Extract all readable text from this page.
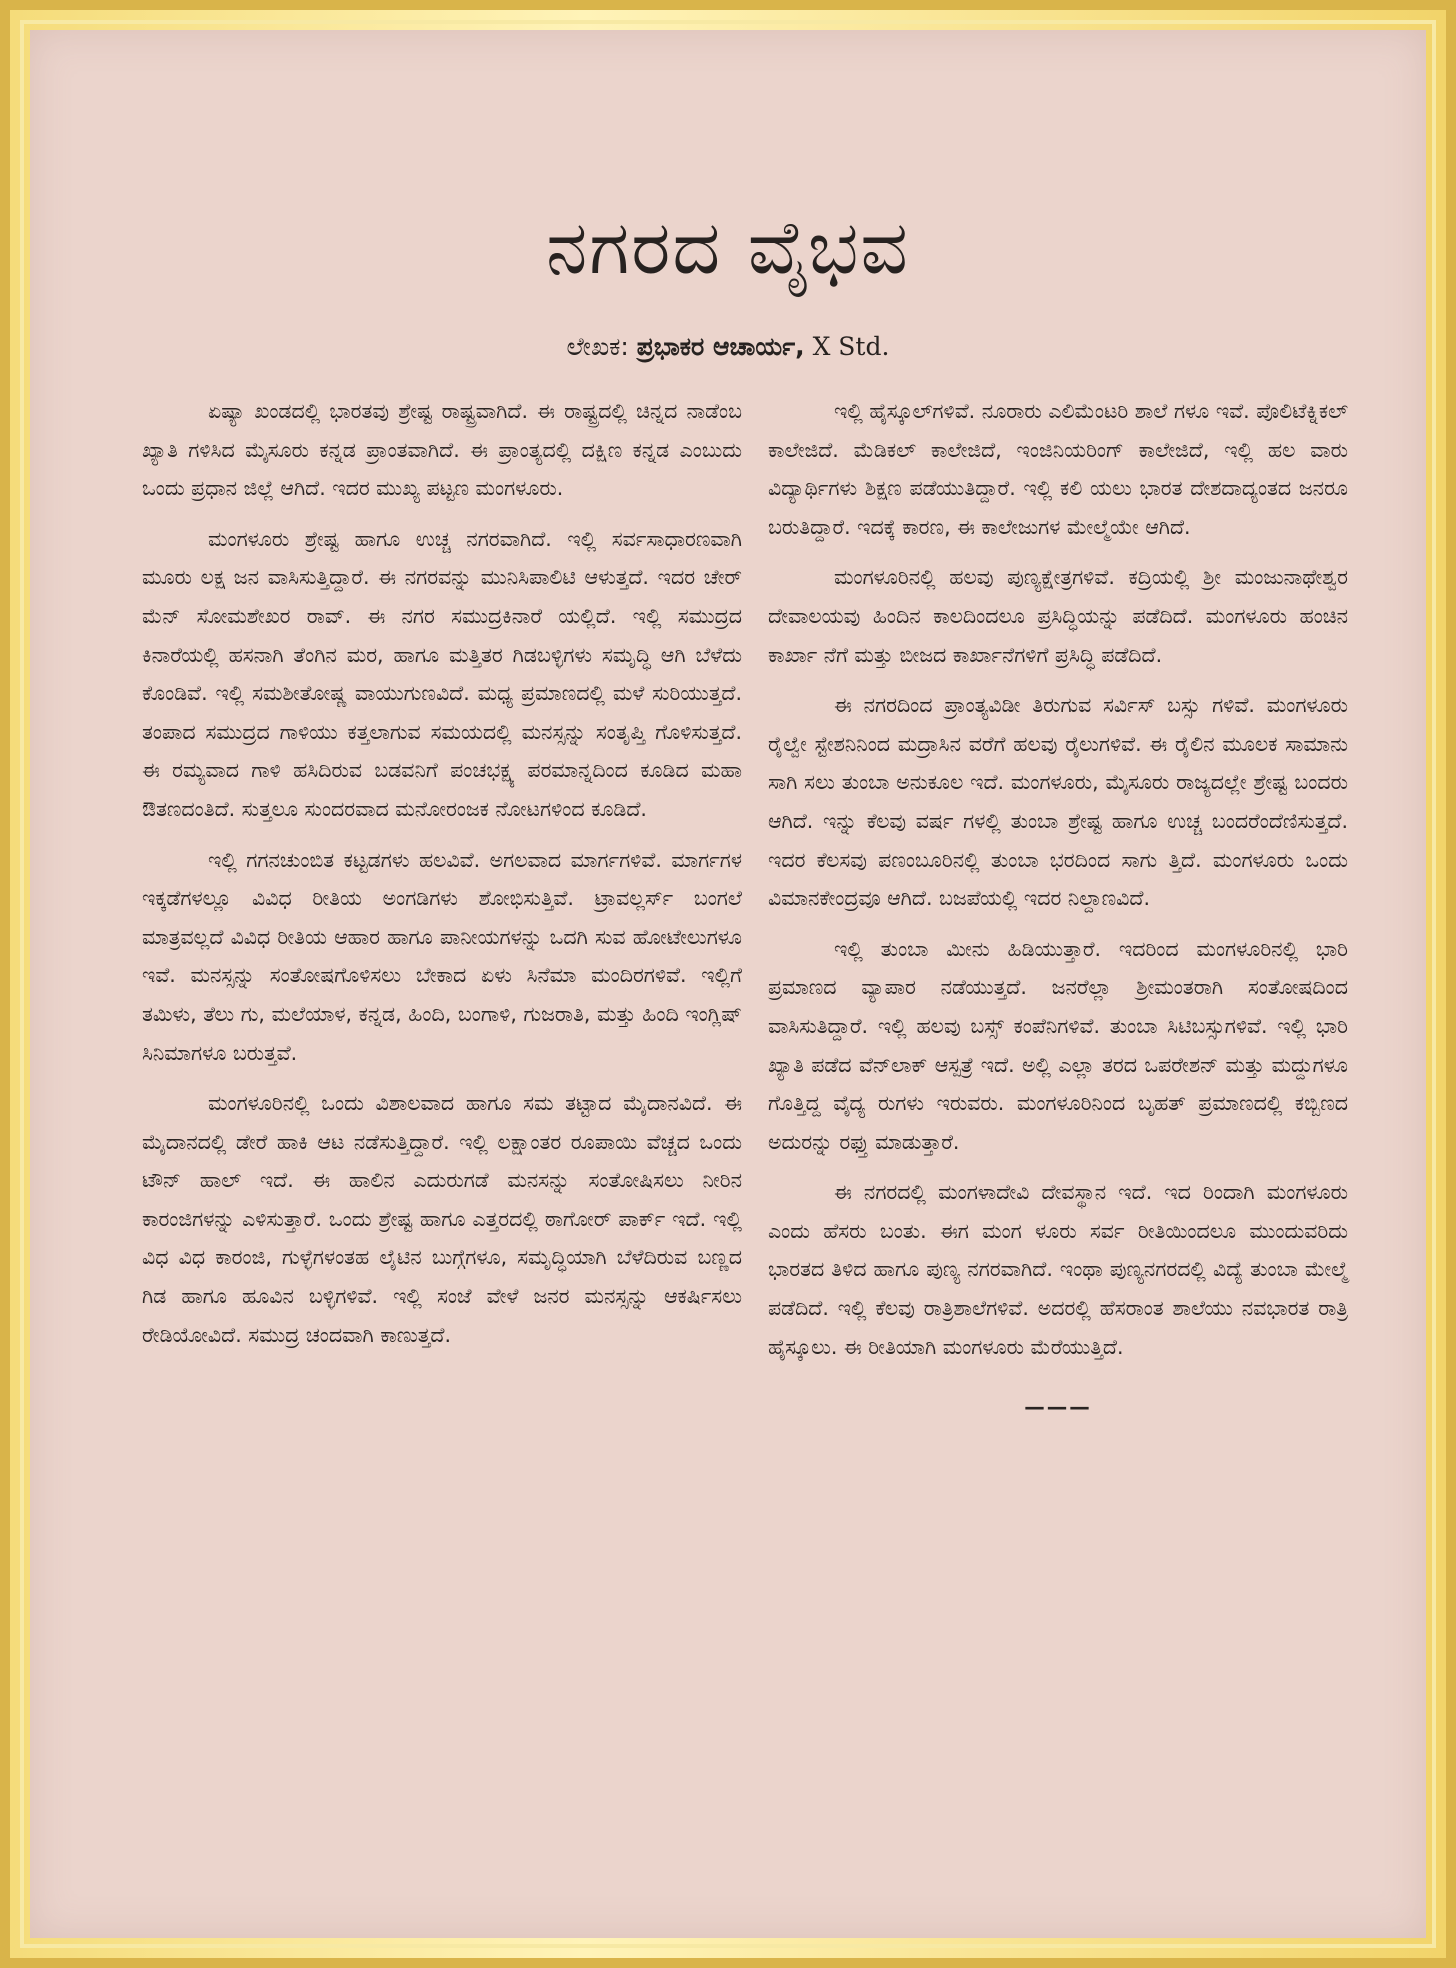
ನಗರದ ವೈಭವ
ಲೇಖಕ: ಪ್ರಭಾಕರ ಆಚಾರ್ಯ, X Std.

ಏಷ್ಯಾ ಖಂಡದಲ್ಲಿ ಭಾರತವು ಶ್ರೇಷ್ಟ ರಾಷ್ಟ್ರವಾಗಿದೆ. ಈ ರಾಷ್ಟ್ರದಲ್ಲಿ ಚಿನ್ನದ ನಾಡೆಂಬ ಖ್ಯಾತಿ ಗಳಿಸಿದ ಮೈಸೂರು ಕನ್ನಡ ಪ್ರಾಂತವಾಗಿದೆ. ಈ ಪ್ರಾಂತ್ಯದಲ್ಲಿ ದಕ್ಷಿಣ ಕನ್ನಡ ಎಂಬುದು ಒಂದು ಪ್ರಧಾನ ಜಿಲ್ಲೆ ಆಗಿದೆ. ಇದರ ಮುಖ್ಯ ಪಟ್ಟಣ ಮಂಗಳೂರು.

ಮಂಗಳೂರು ಶ್ರೇಷ್ಟ ಹಾಗೂ ಉಚ್ಚ ನಗರವಾಗಿದೆ. ಇಲ್ಲಿ ಸರ್ವಸಾಧಾರಣವಾಗಿ ಮೂರು ಲಕ್ಷ ಜನ ವಾಸಿಸುತ್ತಿದ್ದಾರೆ. ಈ ನಗರವನ್ನು ಮುನಿಸಿಪಾಲಿಟಿ ಆಳುತ್ತದೆ. ಇದರ ಚೇರ್ ಮೆನ್ ಸೋಮಶೇಖರ ರಾವ್. ಈ ನಗರ ಸಮುದ್ರಕಿನಾರೆ ಯಲ್ಲಿದೆ. ಇಲ್ಲಿ ಸಮುದ್ರದ ಕಿನಾರೆಯಲ್ಲಿ ಹಸನಾಗಿ ತೆಂಗಿನ ಮರ, ಹಾಗೂ ಮತ್ತಿತರ ಗಿಡಬಳ್ಳಿಗಳು ಸಮೃದ್ಧಿ ಆಗಿ ಬೆಳೆದು ಕೊಂಡಿವೆ. ಇಲ್ಲಿ ಸಮಶೀತೋಷ್ಣ ವಾಯುಗುಣವಿದೆ. ಮಧ್ಯ ಪ್ರಮಾಣದಲ್ಲಿ ಮಳೆ ಸುರಿಯುತ್ತದೆ. ತಂಪಾದ ಸಮುದ್ರದ ಗಾಳಿಯು ಕತ್ತಲಾಗುವ ಸಮಯದಲ್ಲಿ ಮನಸ್ಸನ್ನು ಸಂತೃಪ್ತಿ ಗೊಳಿಸುತ್ತದೆ. ಈ ರಮ್ಯವಾದ ಗಾಳಿ ಹಸಿದಿರುವ ಬಡವನಿಗೆ ಪಂಚಭಕ್ಷ್ಯ ಪರಮಾನ್ನದಿಂದ ಕೂಡಿದ ಮಹಾ ಔತಣದಂತಿದೆ. ಸುತ್ತಲೂ ಸುಂದರವಾದ ಮನೋರಂಜಕ ನೋಟಗಳಿಂದ ಕೂಡಿದೆ.

ಇಲ್ಲಿ ಗಗನಚುಂಬಿತ ಕಟ್ಟಡಗಳು ಹಲವಿವೆ. ಅಗಲವಾದ ಮಾರ್ಗಗಳಿವೆ. ಮಾರ್ಗಗಳ ಇಕ್ಕಡೆಗಳಲ್ಲೂ ವಿವಿಧ ರೀತಿಯ ಅಂಗಡಿಗಳು ಶೋಭಿಸುತ್ತಿವೆ. ಟ್ರಾವಲ್ಲರ್ಸ್ ಬಂಗಲೆ ಮಾತ್ರವಲ್ಲದೆ ವಿವಿಧ ರೀತಿಯ ಆಹಾರ ಹಾಗೂ ಪಾನೀಯಗಳನ್ನು ಒದಗಿ ಸುವ ಹೋಟೇಲುಗಳೂ ಇವೆ. ಮನಸ್ಸನ್ನು ಸಂತೋಷಗೊಳಿಸಲು ಬೇಕಾದ ಏಳು ಸಿನೆಮಾ ಮಂದಿರಗಳಿವೆ. ಇಲ್ಲಿಗೆ ತಮಿಳು, ತೆಲು ಗು, ಮಲೆಯಾಳ, ಕನ್ನಡ, ಹಿಂದಿ, ಬಂಗಾಳಿ, ಗುಜರಾತಿ, ಮತ್ತು ಹಿಂದಿ ಇಂಗ್ಲಿಷ್ ಸಿನಿಮಾಗಳೂ ಬರುತ್ತವೆ.

ಮಂಗಳೂರಿನಲ್ಲಿ ಒಂದು ವಿಶಾಲವಾದ ಹಾಗೂ ಸಮ ತಟ್ಟಾದ ಮೈದಾನವಿದೆ. ಈ ಮೈದಾನದಲ್ಲಿ ಡೇರೆ ಹಾಕಿ ಆಟ ನಡೆಸುತ್ತಿದ್ದಾರೆ. ಇಲ್ಲಿ ಲಕ್ಷಾಂತರ ರೂಪಾಯಿ ವೆಚ್ಚದ ಒಂದು ಟೌನ್ ಹಾಲ್ ಇದೆ. ಈ ಹಾಲಿನ ಎದುರುಗಡೆ ಮನಸನ್ನು ಸಂತೋಷಿಸಲು ನೀರಿನ ಕಾರಂಜಿಗಳನ್ನು ಎಳಿಸುತ್ತಾರೆ. ಒಂದು ಶ್ರೇಷ್ಟ ಹಾಗೂ ಎತ್ತರದಲ್ಲಿ ಠಾಗೋರ್ ಪಾರ್ಕ್ ಇದೆ. ಇಲ್ಲಿ ವಿಧ ವಿಧ ಕಾರಂಜಿ, ಗುಳ್ಳೆಗಳಂತಹ ಲೈಟಿನ ಬುಗ್ಗೆಗಳೂ, ಸಮೃದ್ಧಿಯಾಗಿ ಬೆಳೆದಿರುವ ಬಣ್ಣದ ಗಿಡ ಹಾಗೂ ಹೂವಿನ ಬಳ್ಳಿಗಳಿವೆ. ಇಲ್ಲಿ ಸಂಜೆ ವೇಳೆ ಜನರ ಮನಸ್ಸನ್ನು ಆಕರ್ಷಿಸಲು ರೇಡಿಯೋವಿದೆ. ಸಮುದ್ರ ಚಂದವಾಗಿ ಕಾಣುತ್ತದೆ.

ಇಲ್ಲಿ ಹೈಸ್ಕೂಲ್‌ಗಳಿವೆ. ನೂರಾರು ಎಲಿಮೆಂಟರಿ ಶಾಲೆ ಗಳೂ ಇವೆ. ಪೊಲಿಟೆಕ್ನಿಕಲ್ ಕಾಲೇಜಿದೆ. ಮೆಡಿಕಲ್ ಕಾಲೇಜಿದೆ, ಇಂಜಿನಿಯರಿಂಗ್ ಕಾಲೇಜಿದೆ, ಇಲ್ಲಿ ಹಲ ವಾರು ವಿದ್ಯಾರ್ಥಿಗಳು ಶಿಕ್ಷಣ ಪಡೆಯುತಿದ್ದಾರೆ. ಇಲ್ಲಿ ಕಲಿ ಯಲು ಭಾರತ ದೇಶದಾದ್ಯಂತದ ಜನರೂ ಬರುತಿದ್ದಾರೆ. ಇದಕ್ಕೆ ಕಾರಣ, ಈ ಕಾಲೇಜುಗಳ ಮೇಲ್ಮೆಯೇ ಆಗಿದೆ.

ಮಂಗಳೂರಿನಲ್ಲಿ ಹಲವು ಪುಣ್ಯಕ್ಷೇತ್ರಗಳಿವೆ. ಕದ್ರಿಯಲ್ಲಿ ಶ್ರೀ ಮಂಜುನಾಥೇಶ್ವರ ದೇವಾಲಯವು ಹಿಂದಿನ ಕಾಲದಿಂದಲೂ ಪ್ರಸಿದ್ಧಿಯನ್ನು ಪಡೆದಿದೆ. ಮಂಗಳೂರು ಹಂಚಿನ ಕಾರ್ಖಾ ನೆಗೆ ಮತ್ತು ಬೀಜದ ಕಾರ್ಖಾನೆಗಳಿಗೆ ಪ್ರಸಿದ್ಧಿ ಪಡೆದಿದೆ.

ಈ ನಗರದಿಂದ ಪ್ರಾಂತ್ಯವಿಡೀ ತಿರುಗುವ ಸರ್ವಿಸ್ ಬಸ್ಸು ಗಳಿವೆ. ಮಂಗಳೂರು ರೈಲ್ವೇ ಸ್ಟೇಶನಿನಿಂದ ಮದ್ರಾಸಿನ ವರೆಗೆ ಹಲವು ರೈಲುಗಳಿವೆ. ಈ ರೈಲಿನ ಮೂಲಕ ಸಾಮಾನು ಸಾಗಿ ಸಲು ತುಂಬಾ ಅನುಕೂಲ ಇದೆ. ಮಂಗಳೂರು, ಮೈಸೂರು ರಾಜ್ಯದಲ್ಲೇ ಶ್ರೇಷ್ಟ ಬಂದರು ಆಗಿದೆ. ಇನ್ನು ಕೆಲವು ವರ್ಷ ಗಳಲ್ಲಿ ತುಂಬಾ ಶ್ರೇಷ್ಟ ಹಾಗೂ ಉಚ್ಚ ಬಂದರೆಂದೆಣಿಸುತ್ತದೆ. ಇದರ ಕೆಲಸವು ಪಣಂಬೂರಿನಲ್ಲಿ ತುಂಬಾ ಭರದಿಂದ ಸಾಗು ತ್ತಿದೆ. ಮಂಗಳೂರು ಒಂದು ವಿಮಾನಕೇಂದ್ರವೂ ಆಗಿದೆ. ಬಜಪೆಯಲ್ಲಿ ಇದರ ನಿಲ್ದಾಣವಿದೆ.

ಇಲ್ಲಿ ತುಂಬಾ ಮೀನು ಹಿಡಿಯುತ್ತಾರೆ. ಇದರಿಂದ ಮಂಗಳೂರಿನಲ್ಲಿ ಭಾರಿ ಪ್ರಮಾಣದ ವ್ಯಾಪಾರ ನಡೆಯುತ್ತದೆ. ಜನರೆಲ್ಲಾ ಶ್ರೀಮಂತರಾಗಿ ಸಂತೋಷದಿಂದ ವಾಸಿಸುತಿದ್ದಾರೆ. ಇಲ್ಲಿ ಹಲವು ಬಸ್ಸ್ ಕಂಪೆನಿಗಳಿವೆ. ತುಂಬಾ ಸಿಟಿಬಸ್ಸುಗಳಿವೆ. ಇಲ್ಲಿ ಭಾರಿ ಖ್ಯಾತಿ ಪಡೆದ ವೆನ್‌ಲಾಕ್ ಆಸ್ಪತ್ರೆ ಇದೆ. ಅಲ್ಲಿ ಎಲ್ಲಾ ತರದ ಒಪರೇಶನ್ ಮತ್ತು ಮದ್ದುಗಳೂ ಗೊತ್ತಿದ್ದ ವೈದ್ಯ ರುಗಳು ಇರುವರು. ಮಂಗಳೂರಿನಿಂದ ಬೃಹತ್ ಪ್ರಮಾಣದಲ್ಲಿ ಕಬ್ಬಿಣದ ಅದುರನ್ನು ರಫ್ತು ಮಾಡುತ್ತಾರೆ.

ಈ ನಗರದಲ್ಲಿ ಮಂಗಳಾದೇವಿ ದೇವಸ್ಥಾನ ಇದೆ. ಇದ ರಿಂದಾಗಿ ಮಂಗಳೂರು ಎಂದು ಹೆಸರು ಬಂತು. ಈಗ ಮಂಗ ಳೂರು ಸರ್ವ ರೀತಿಯಿಂದಲೂ ಮುಂದುವರಿದು ಭಾರತದ ತಿಳಿದ ಹಾಗೂ ಪುಣ್ಯ ನಗರವಾಗಿದೆ. ಇಂಥಾ ಪುಣ್ಯನಗರದಲ್ಲಿ ವಿದ್ಯೆ ತುಂಬಾ ಮೇಲ್ಮೆ ಪಡೆದಿದೆ. ಇಲ್ಲಿ ಕೆಲವು ರಾತ್ರಿಶಾಲೆಗಳಿವೆ. ಅದರಲ್ಲಿ ಹೆಸರಾಂತ ಶಾಲೆಯು ನವಭಾರತ ರಾತ್ರಿ ಹೈಸ್ಕೂಲು. ಈ ರೀತಿಯಾಗಿ ಮಂಗಳೂರು ಮೆರೆಯುತ್ತಿದೆ.

———
